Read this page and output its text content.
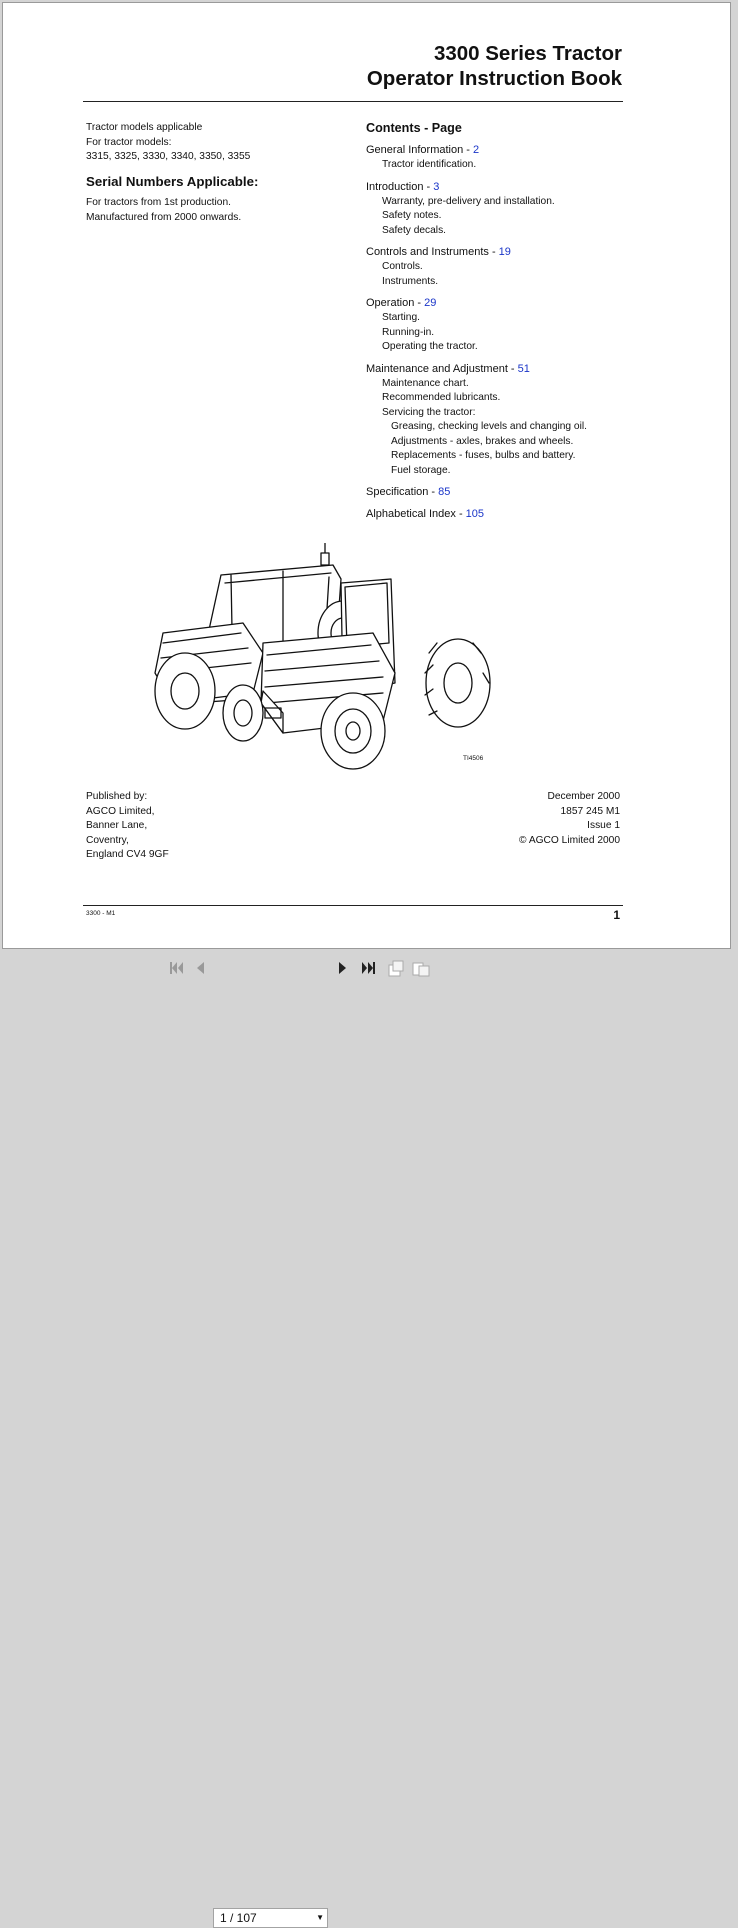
3300 Series Tractor
Operator Instruction Book
Tractor models applicable
For tractor models:
3315, 3325, 3330, 3340, 3350, 3355
Serial Numbers Applicable:
For tractors from 1st production.
Manufactured from 2000 onwards.
Contents - Page
General Information - 2
Tractor identification.
Introduction - 3
Warranty, pre-delivery and installation.
Safety notes.
Safety decals.
Controls and Instruments - 19
Controls.
Instruments.
Operation - 29
Starting.
Running-in.
Operating the tractor.
Maintenance and Adjustment - 51
Maintenance chart.
Recommended lubricants.
Servicing the tractor:
Greasing, checking levels and changing oil.
Adjustments - axles, brakes and wheels.
Replacements - fuses, bulbs and battery.
Fuel storage.
Specification - 85
Alphabetical Index - 105
TI4506
Published by:
AGCO Limited,
Banner Lane,
Coventry,
England CV4 9GF
December 2000
1857 245 M1
Issue 1
© AGCO Limited 2000
3300 - M1	1
1 / 107	▼
